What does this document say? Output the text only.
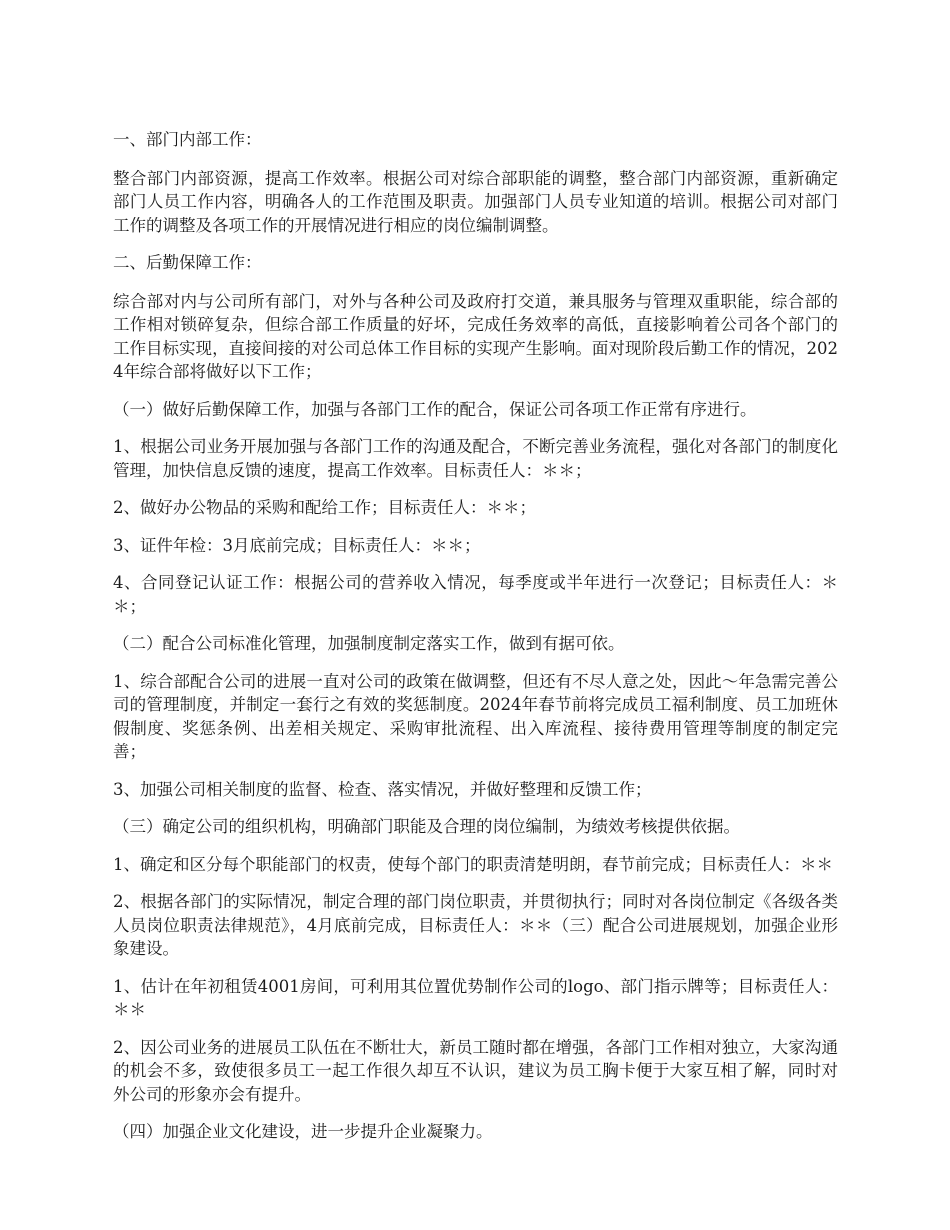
一、部门内部工作：

整合部门内部资源，提高工作效率。根据公司对综合部职能的调整，整合部门内部资源，重新确定部门人员工作内容，明确各人的工作范围及职责。加强部门人员专业知道的培训。根据公司对部门工作的调整及各项工作的开展情况进行相应的岗位编制调整。

二、后勤保障工作：

综合部对内与公司所有部门，对外与各种公司及政府打交道，兼具服务与管理双重职能，综合部的工作相对锁碎复杂，但综合部工作质量的好坏，完成任务效率的高低，直接影响着公司各个部门的工作目标实现，直接间接的对公司总体工作目标的实现产生影响。面对现阶段后勤工作的情况，2024年综合部将做好以下工作；

（一）做好后勤保障工作，加强与各部门工作的配合，保证公司各项工作正常有序进行。

1、根据公司业务开展加强与各部门工作的沟通及配合，不断完善业务流程，强化对各部门的制度化管理，加快信息反馈的速度，提高工作效率。目标责任人：＊＊；

2、做好办公物品的采购和配给工作；目标责任人：＊＊；

3、证件年检：3月底前完成；目标责任人：＊＊；

4、合同登记认证工作：根据公司的营养收入情况，每季度或半年进行一次登记；目标责任人：＊＊；

（二）配合公司标准化管理，加强制度制定落实工作，做到有据可依。

1、综合部配合公司的进展一直对公司的政策在做调整，但还有不尽人意之处，因此～年急需完善公司的管理制度，并制定一套行之有效的奖惩制度。2024年春节前将完成员工福利制度、员工加班休假制度、奖惩条例、出差相关规定、采购审批流程、出入库流程、接待费用管理等制度的制定完善；

3、加强公司相关制度的监督、检查、落实情况，并做好整理和反馈工作；

（三）确定公司的组织机构，明确部门职能及合理的岗位编制，为绩效考核提供依据。

1、确定和区分每个职能部门的权责，使每个部门的职责清楚明朗，春节前完成；目标责任人：＊＊

2、根据各部门的实际情况，制定合理的部门岗位职责，并贯彻执行；同时对各岗位制定《各级各类人员岗位职责法律规范》，4月底前完成，目标责任人：＊＊（三）配合公司进展规划，加强企业形象建设。

1、估计在年初租赁4001房间，可利用其位置优势制作公司的logo、部门指示牌等；目标责任人：＊＊

2、因公司业务的进展员工队伍在不断壮大，新员工随时都在增强，各部门工作相对独立，大家沟通的机会不多，致使很多员工一起工作很久却互不认识，建议为员工胸卡便于大家互相了解，同时对外公司的形象亦会有提升。

（四）加强企业文化建设，进一步提升企业凝聚力。
